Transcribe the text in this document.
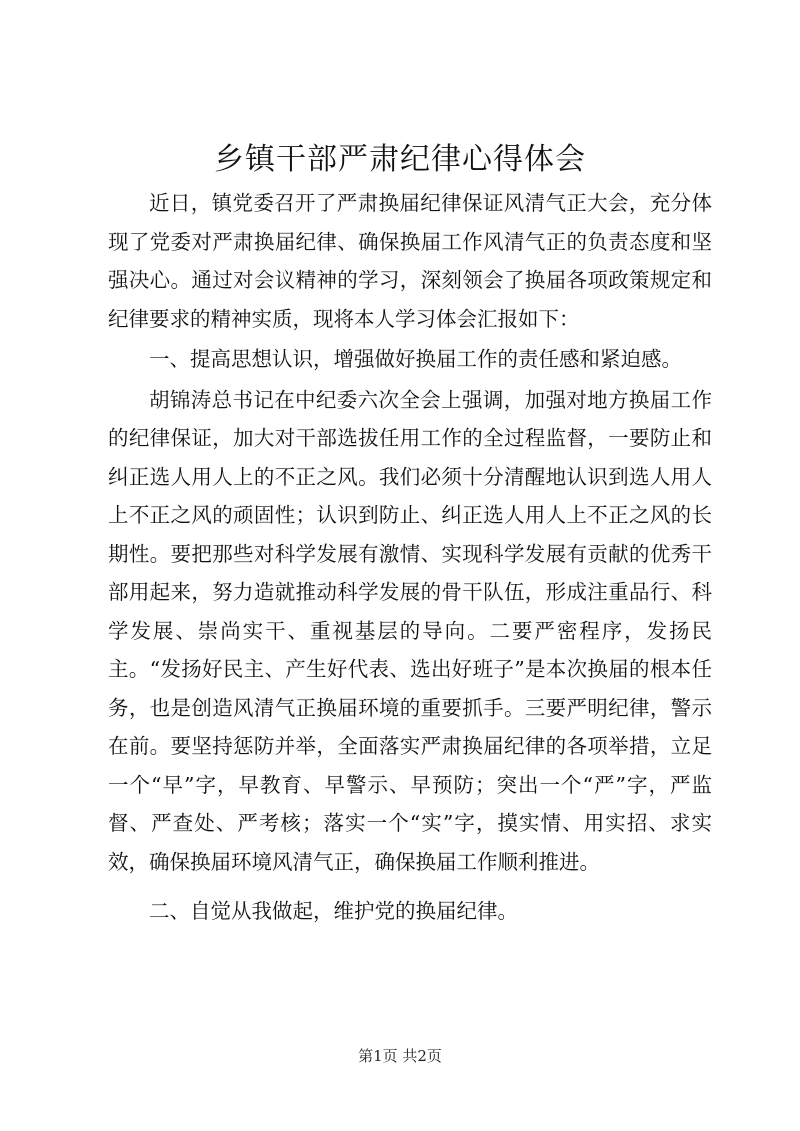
乡镇干部严肃纪律心得体会

近日，镇党委召开了严肃换届纪律保证风清气正大会，充分体现了党委对严肃换届纪律、确保换届工作风清气正的负责态度和坚强决心。通过对会议精神的学习，深刻领会了换届各项政策规定和纪律要求的精神实质，现将本人学习体会汇报如下：

一、提高思想认识，增强做好换届工作的责任感和紧迫感。

胡锦涛总书记在中纪委六次全会上强调，加强对地方换届工作的纪律保证，加大对干部选拔任用工作的全过程监督，一要防止和纠正选人用人上的不正之风。我们必须十分清醒地认识到选人用人上不正之风的顽固性；认识到防止、纠正选人用人上不正之风的长期性。要把那些对科学发展有激情、实现科学发展有贡献的优秀干部用起来，努力造就推动科学发展的骨干队伍，形成注重品行、科学发展、崇尚实干、重视基层的导向。二要严密程序，发扬民主。“发扬好民主、产生好代表、选出好班子”是本次换届的根本任务，也是创造风清气正换届环境的重要抓手。三要严明纪律，警示在前。要坚持惩防并举，全面落实严肃换届纪律的各项举措，立足一个“早”字，早教育、早警示、早预防；突出一个“严”字，严监督、严查处、严考核；落实一个“实”字，摸实情、用实招、求实效，确保换届环境风清气正，确保换届工作顺利推进。

二、自觉从我做起，维护党的换届纪律。

第1页 共2页
